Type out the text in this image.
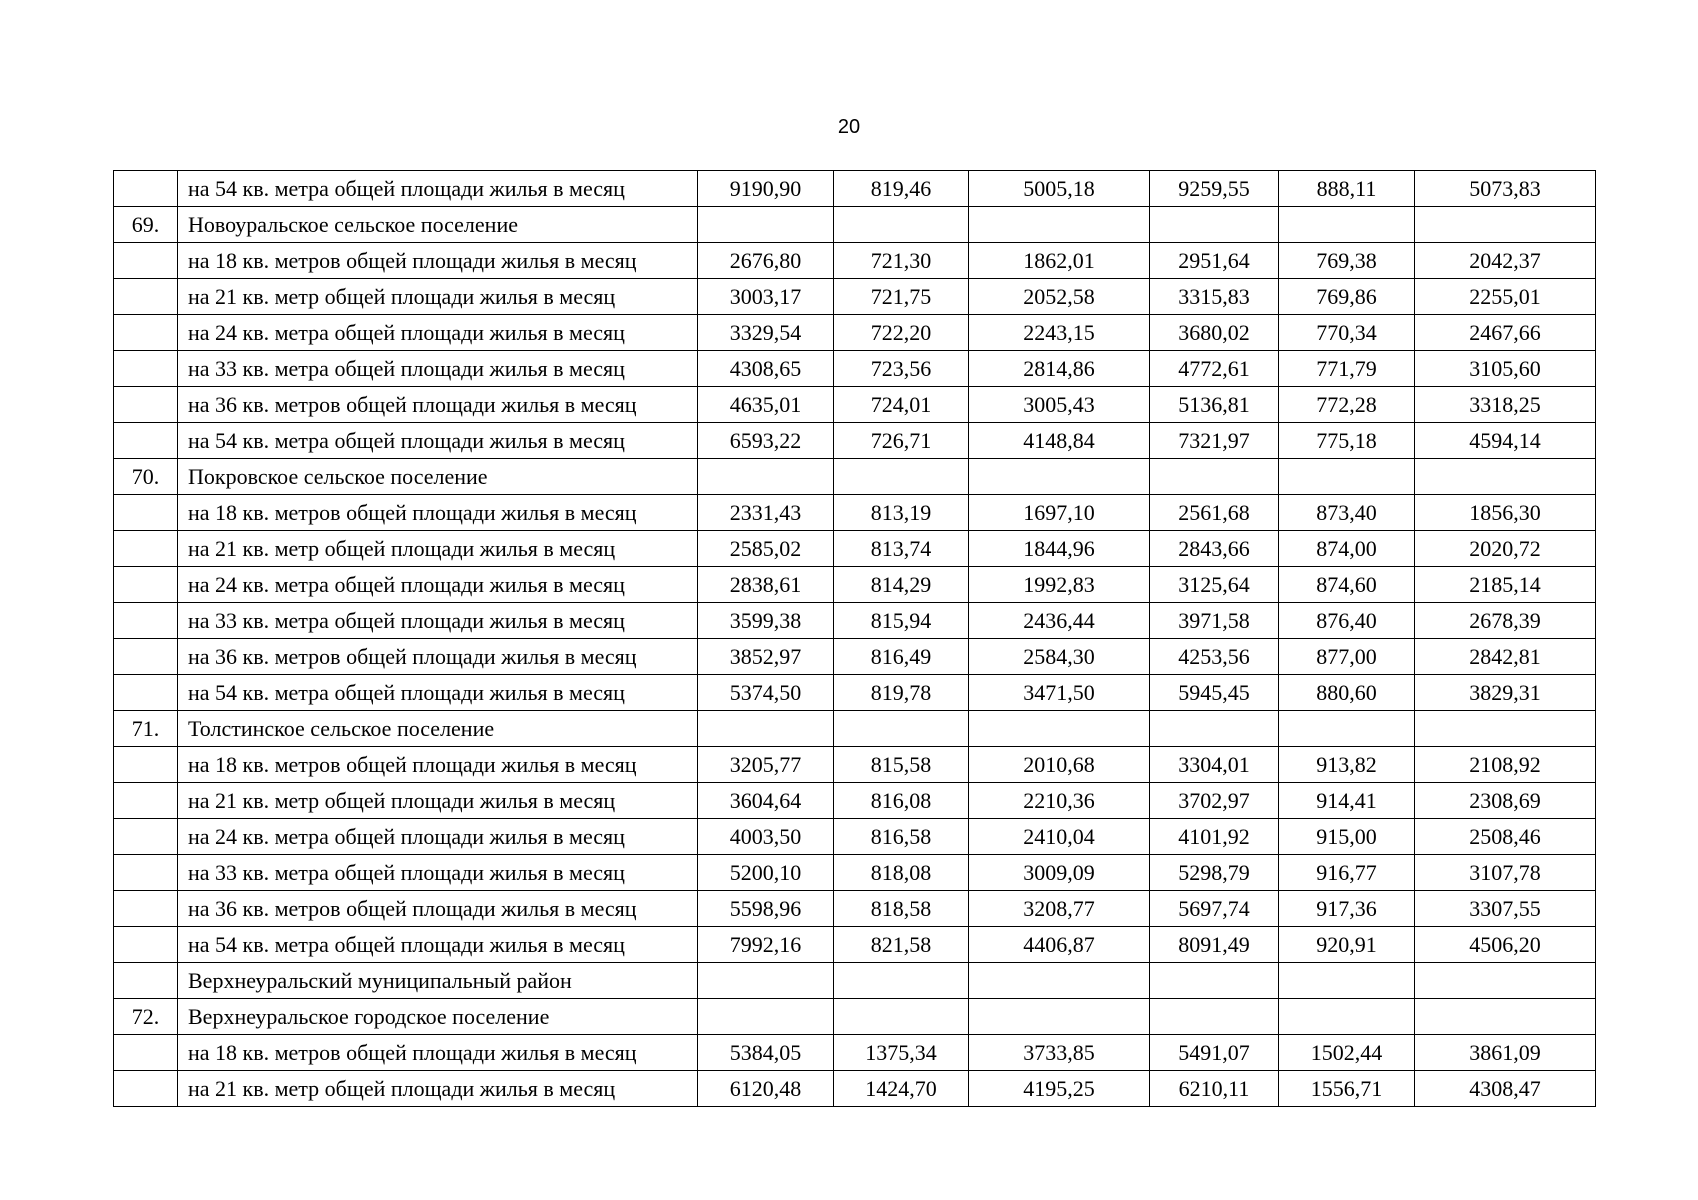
20
	на 54 кв. метра общей площади жилья в месяц	9190,90	819,46	5005,18	9259,55	888,11	5073,83
69.	Новоуральское сельское поселение						
	на 18 кв. метров общей площади жилья в месяц	2676,80	721,30	1862,01	2951,64	769,38	2042,37
	на 21 кв. метр общей площади жилья в месяц	3003,17	721,75	2052,58	3315,83	769,86	2255,01
	на 24 кв. метра общей площади жилья в месяц	3329,54	722,20	2243,15	3680,02	770,34	2467,66
	на 33 кв. метра общей площади жилья в месяц	4308,65	723,56	2814,86	4772,61	771,79	3105,60
	на 36 кв. метров общей площади жилья в месяц	4635,01	724,01	3005,43	5136,81	772,28	3318,25
	на 54 кв. метра общей площади жилья в месяц	6593,22	726,71	4148,84	7321,97	775,18	4594,14
70.	Покровское сельское поселение						
	на 18 кв. метров общей площади жилья в месяц	2331,43	813,19	1697,10	2561,68	873,40	1856,30
	на 21 кв. метр общей площади жилья в месяц	2585,02	813,74	1844,96	2843,66	874,00	2020,72
	на 24 кв. метра общей площади жилья в месяц	2838,61	814,29	1992,83	3125,64	874,60	2185,14
	на 33 кв. метра общей площади жилья в месяц	3599,38	815,94	2436,44	3971,58	876,40	2678,39
	на 36 кв. метров общей площади жилья в месяц	3852,97	816,49	2584,30	4253,56	877,00	2842,81
	на 54 кв. метра общей площади жилья в месяц	5374,50	819,78	3471,50	5945,45	880,60	3829,31
71.	Толстинское сельское поселение						
	на 18 кв. метров общей площади жилья в месяц	3205,77	815,58	2010,68	3304,01	913,82	2108,92
	на 21 кв. метр общей площади жилья в месяц	3604,64	816,08	2210,36	3702,97	914,41	2308,69
	на 24 кв. метра общей площади жилья в месяц	4003,50	816,58	2410,04	4101,92	915,00	2508,46
	на 33 кв. метра общей площади жилья в месяц	5200,10	818,08	3009,09	5298,79	916,77	3107,78
	на 36 кв. метров общей площади жилья в месяц	5598,96	818,58	3208,77	5697,74	917,36	3307,55
	на 54 кв. метра общей площади жилья в месяц	7992,16	821,58	4406,87	8091,49	920,91	4506,20
	Верхнеуральский муниципальный район						
72.	Верхнеуральское городское поселение						
	на 18 кв. метров общей площади жилья в месяц	5384,05	1375,34	3733,85	5491,07	1502,44	3861,09
	на 21 кв. метр общей площади жилья в месяц	6120,48	1424,70	4195,25	6210,11	1556,71	4308,47
